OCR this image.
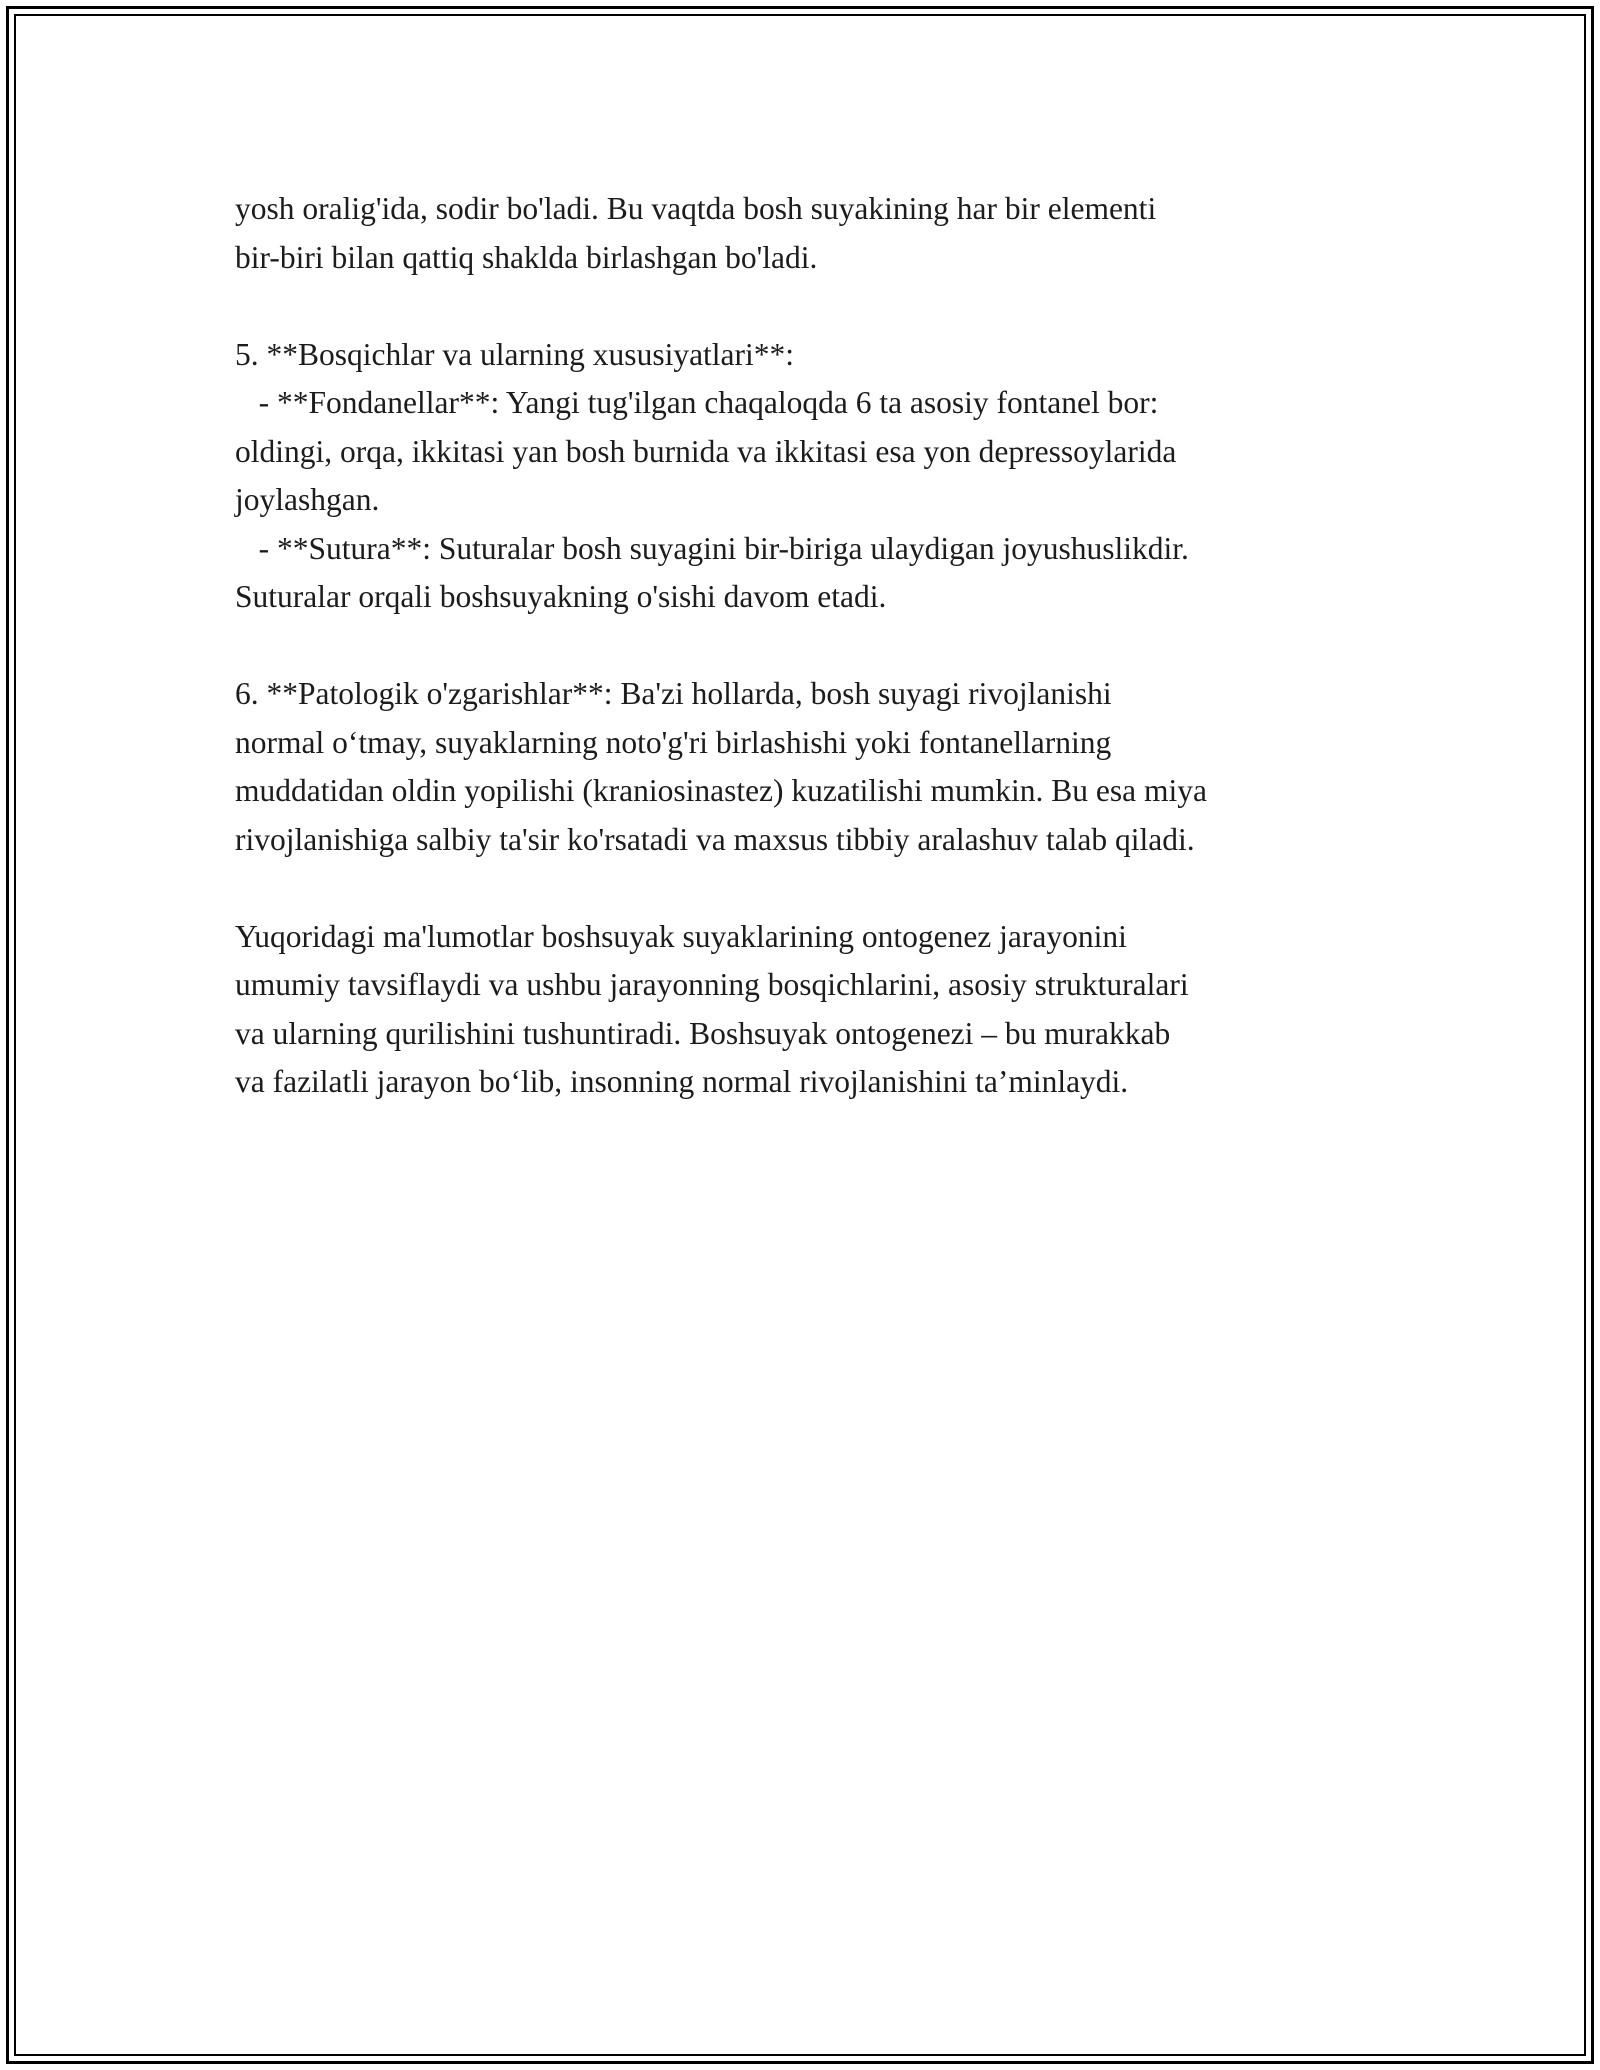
yosh oralig'ida, sodir bo'ladi. Bu vaqtda bosh suyakining har bir elementi
bir-biri bilan qattiq shaklda birlashgan bo'ladi.

5. **Bosqichlar va ularning xususiyatlari**:
- **Fondanellar**: Yangi tug'ilgan chaqaloqda 6 ta asosiy fontanel bor:
oldingi, orqa, ikkitasi yan bosh burnida va ikkitasi esa yon depressoylarida
joylashgan.
- **Sutura**: Suturalar bosh suyagini bir-biriga ulaydigan joyushuslikdir.
Suturalar orqali boshsuyakning o'sishi davom etadi.

6. **Patologik o'zgarishlar**: Ba'zi hollarda, bosh suyagi rivojlanishi
normal o‘tmay, suyaklarning noto'g'ri birlashishi yoki fontanellarning
muddatidan oldin yopilishi (kraniosinastez) kuzatilishi mumkin. Bu esa miya
rivojlanishiga salbiy ta'sir ko'rsatadi va maxsus tibbiy aralashuv talab qiladi.

Yuqoridagi ma'lumotlar boshsuyak suyaklarining ontogenez jarayonini
umumiy tavsiflaydi va ushbu jarayonning bosqichlarini, asosiy strukturalari
va ularning qurilishini tushuntiradi. Boshsuyak ontogenezi – bu murakkab
va fazilatli jarayon bo‘lib, insonning normal rivojlanishini ta’minlaydi.
